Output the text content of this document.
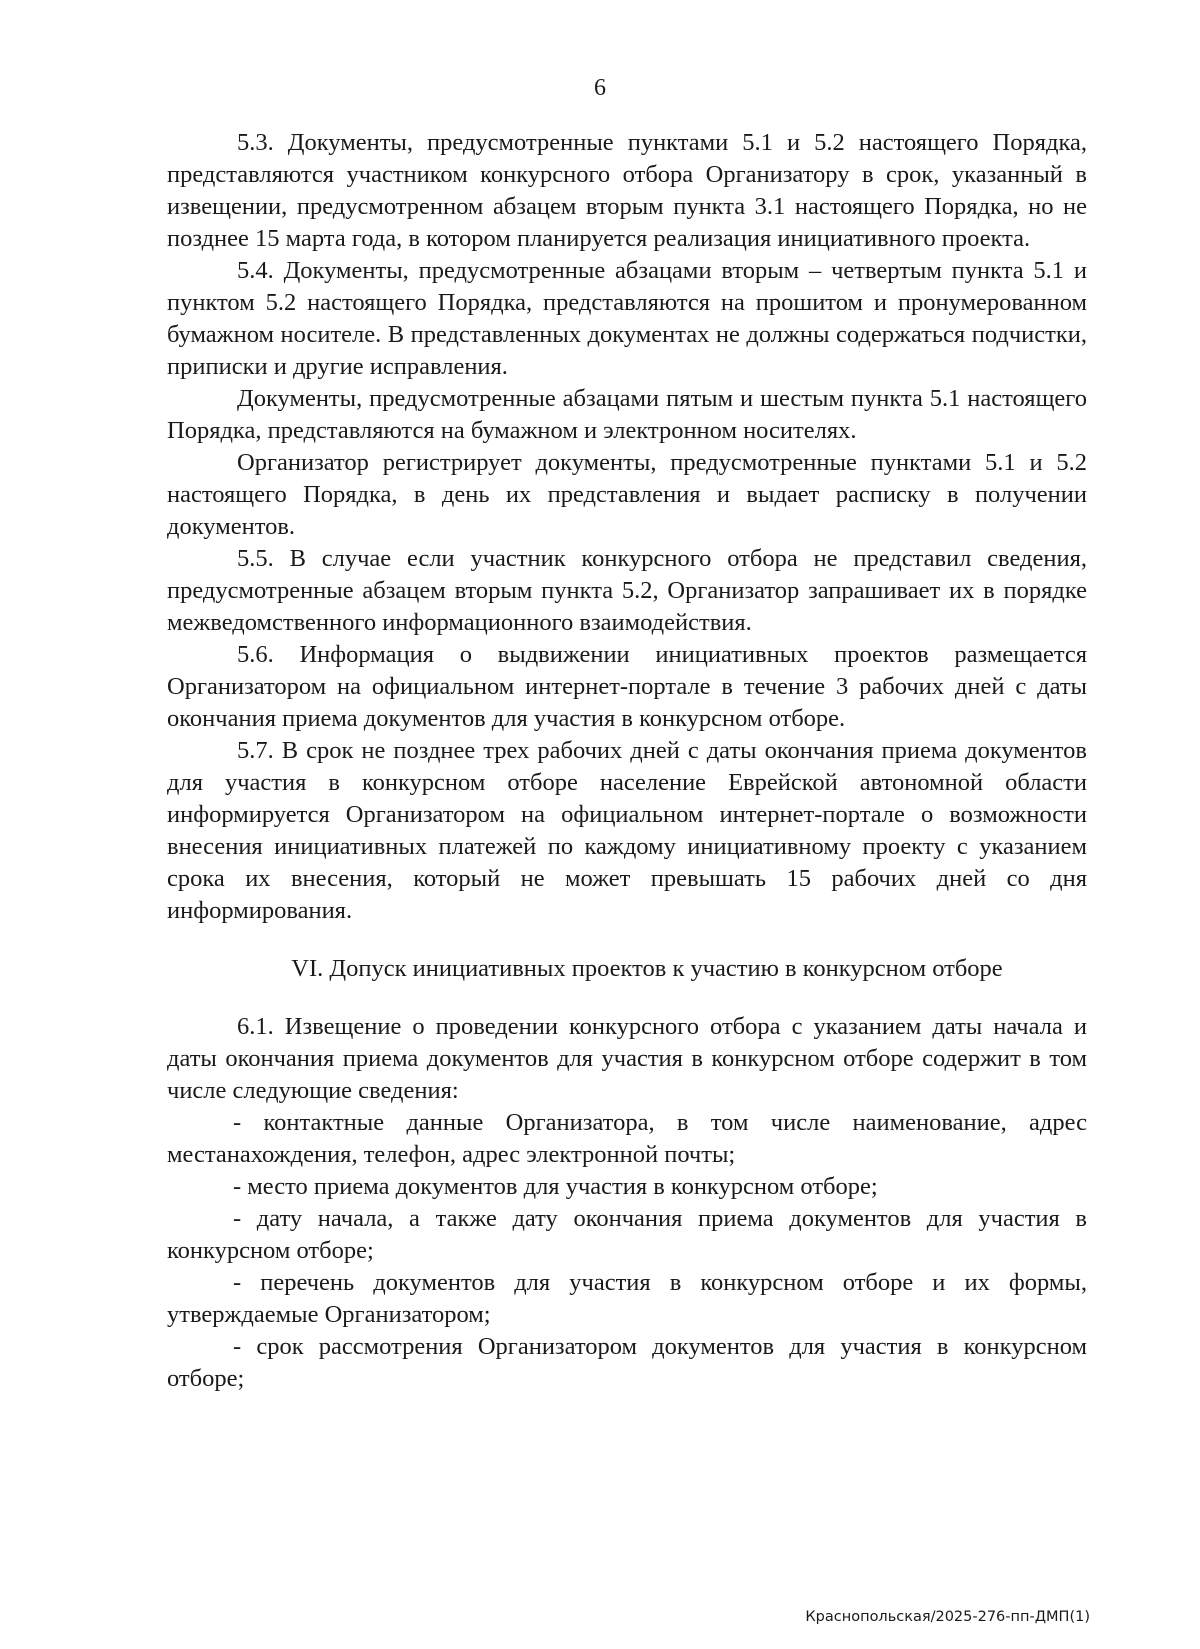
6

5.3. Документы, предусмотренные пунктами 5.1 и 5.2 настоящего Порядка, представляются участником конкурсного отбора Организатору в срок, указанный в извещении, предусмотренном абзацем вторым пункта 3.1 настоящего Порядка, но не позднее 15 марта года, в котором планируется реализация инициативного проекта.

5.4. Документы, предусмотренные абзацами вторым – четвертым пункта 5.1 и пунктом 5.2 настоящего Порядка, представляются на прошитом и пронумерованном бумажном носителе. В представленных документах не должны содержаться подчистки, приписки и другие исправления.

Документы, предусмотренные абзацами пятым и шестым пункта 5.1 настоящего Порядка, представляются на бумажном и электронном носителях.

Организатор регистрирует документы, предусмотренные пунктами 5.1 и 5.2 настоящего Порядка, в день их представления и выдает расписку в получении документов.

5.5. В случае если участник конкурсного отбора не представил сведения, предусмотренные абзацем вторым пункта 5.2, Организатор запрашивает их в порядке межведомственного информационного взаимодействия.

5.6. Информация о выдвижении инициативных проектов размещается Организатором на официальном интернет-портале в течение 3 рабочих дней с даты окончания приема документов для участия в конкурсном отборе.

5.7. В срок не позднее трех рабочих дней с даты окончания приема документов для участия в конкурсном отборе население Еврейской автономной области информируется Организатором на официальном интернет-портале о возможности внесения инициативных платежей по каждому инициативному проекту с указанием срока их внесения, который не может превышать 15 рабочих дней со дня информирования.

VI. Допуск инициативных проектов к участию в конкурсном отборе

6.1. Извещение о проведении конкурсного отбора с указанием даты начала и даты окончания приема документов для участия в конкурсном отборе содержит в том числе следующие сведения:

- контактные данные Организатора, в том числе наименование, адрес местанахождения, телефон, адрес электронной почты;

- место приема документов для участия в конкурсном отборе;

- дату начала, а также дату окончания приема документов для участия в конкурсном отборе;

- перечень документов для участия в конкурсном отборе и их формы, утверждаемые Организатором;

- срок рассмотрения Организатором документов для участия в конкурсном отборе;

Краснопольская/2025-276-пп-ДМП(1)
